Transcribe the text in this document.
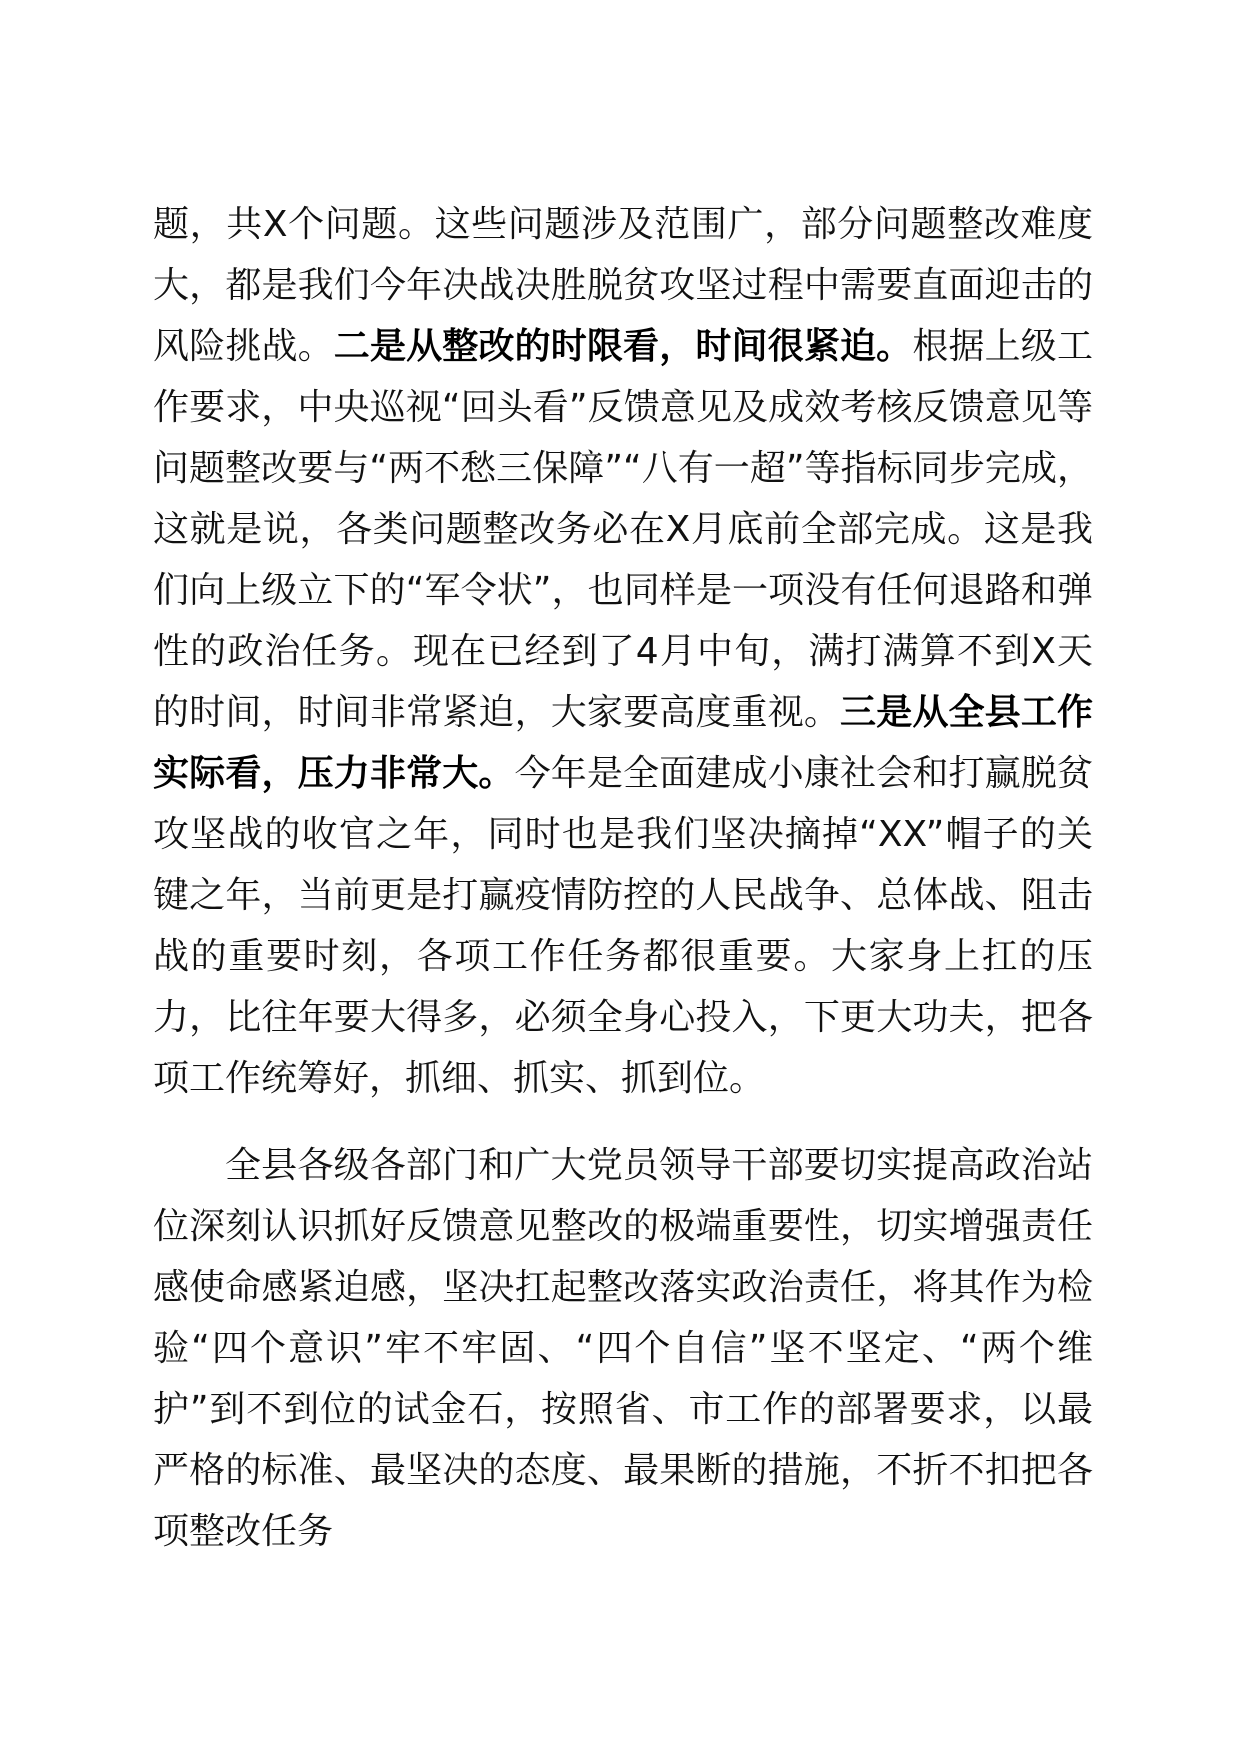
题，共X个问题。这些问题涉及范围广，部分问题整改难度大，都是我们今年决战决胜脱贫攻坚过程中需要直面迎击的风险挑战。二是从整改的时限看，时间很紧迫。根据上级工作要求，中央巡视“回头看”反馈意见及成效考核反馈意见等问题整改要与“两不愁三保障”“八有一超”等指标同步完成，这就是说，各类问题整改务必在X月底前全部完成。这是我们向上级立下的“军令状”，也同样是一项没有任何退路和弹性的政治任务。现在已经到了4月中旬，满打满算不到X天的时间，时间非常紧迫，大家要高度重视。三是从全县工作实际看，压力非常大。今年是全面建成小康社会和打赢脱贫攻坚战的收官之年，同时也是我们坚决摘掉“XX”帽子的关键之年，当前更是打赢疫情防控的人民战争、总体战、阻击战的重要时刻，各项工作任务都很重要。大家身上扛的压力，比往年要大得多，必须全身心投入，下更大功夫，把各项工作统筹好，抓细、抓实、抓到位。

全县各级各部门和广大党员领导干部要切实提高政治站位深刻认识抓好反馈意见整改的极端重要性，切实增强责任感使命感紧迫感，坚决扛起整改落实政治责任，将其作为检验“四个意识”牢不牢固、“四个自信”坚不坚定、“两个维护”到不到位的试金石，按照省、市工作的部署要求，以最严格的标准、最坚决的态度、最果断的措施，不折不扣把各项整改任务
